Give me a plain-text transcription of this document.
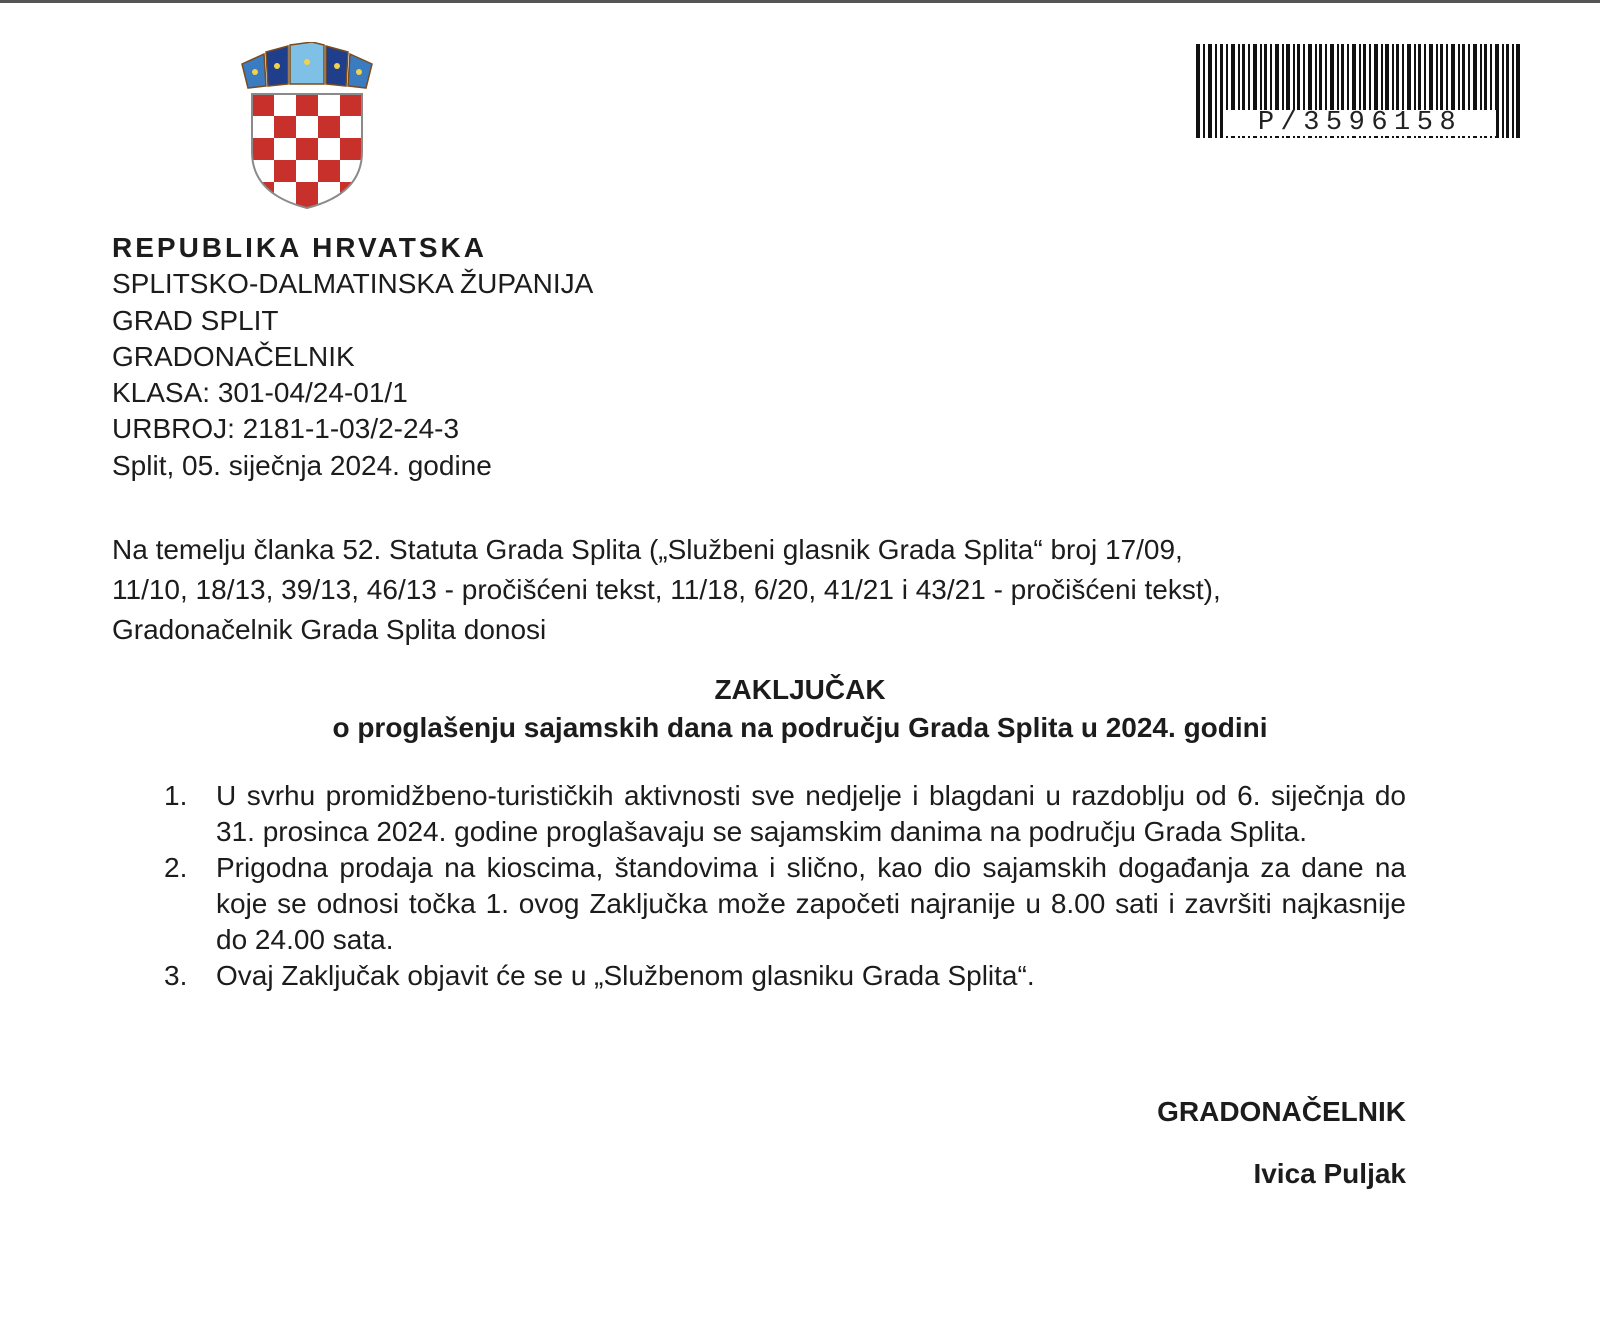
P/3596158
REPUBLIKA HRVATSKA
SPLITSKO-DALMATINSKA ŽUPANIJA
GRAD SPLIT
GRADONAČELNIK
KLASA: 301-04/24-01/1
URBROJ: 2181-1-03/2-24-3
Split, 05. siječnja 2024. godine
Na temelju članka 52. Statuta Grada Splita („Službeni glasnik Grada Splita“ broj 17/09,
11/10, 18/13, 39/13, 46/13 - pročišćeni tekst, 11/18, 6/20, 41/21 i 43/21 - pročišćeni tekst),
Gradonačelnik Grada Splita donosi
ZAKLJUČAK
o proglašenju sajamskih dana na području Grada Splita u 2024. godini
1. U svrhu promidžbeno-turističkih aktivnosti sve nedjelje i blagdani u razdoblju od 6. siječnja do 31. prosinca 2024. godine proglašavaju se sajamskim danima na području Grada Splita.
2. Prigodna prodaja na kioscima, štandovima i slično, kao dio sajamskih događanja za dane na koje se odnosi točka 1. ovog Zaključka može započeti najranije u 8.00 sati i završiti najkasnije do 24.00 sata.
3. Ovaj Zaključak objavit će se u „Službenom glasniku Grada Splita“.
GRADONAČELNIK
Ivica Puljak
